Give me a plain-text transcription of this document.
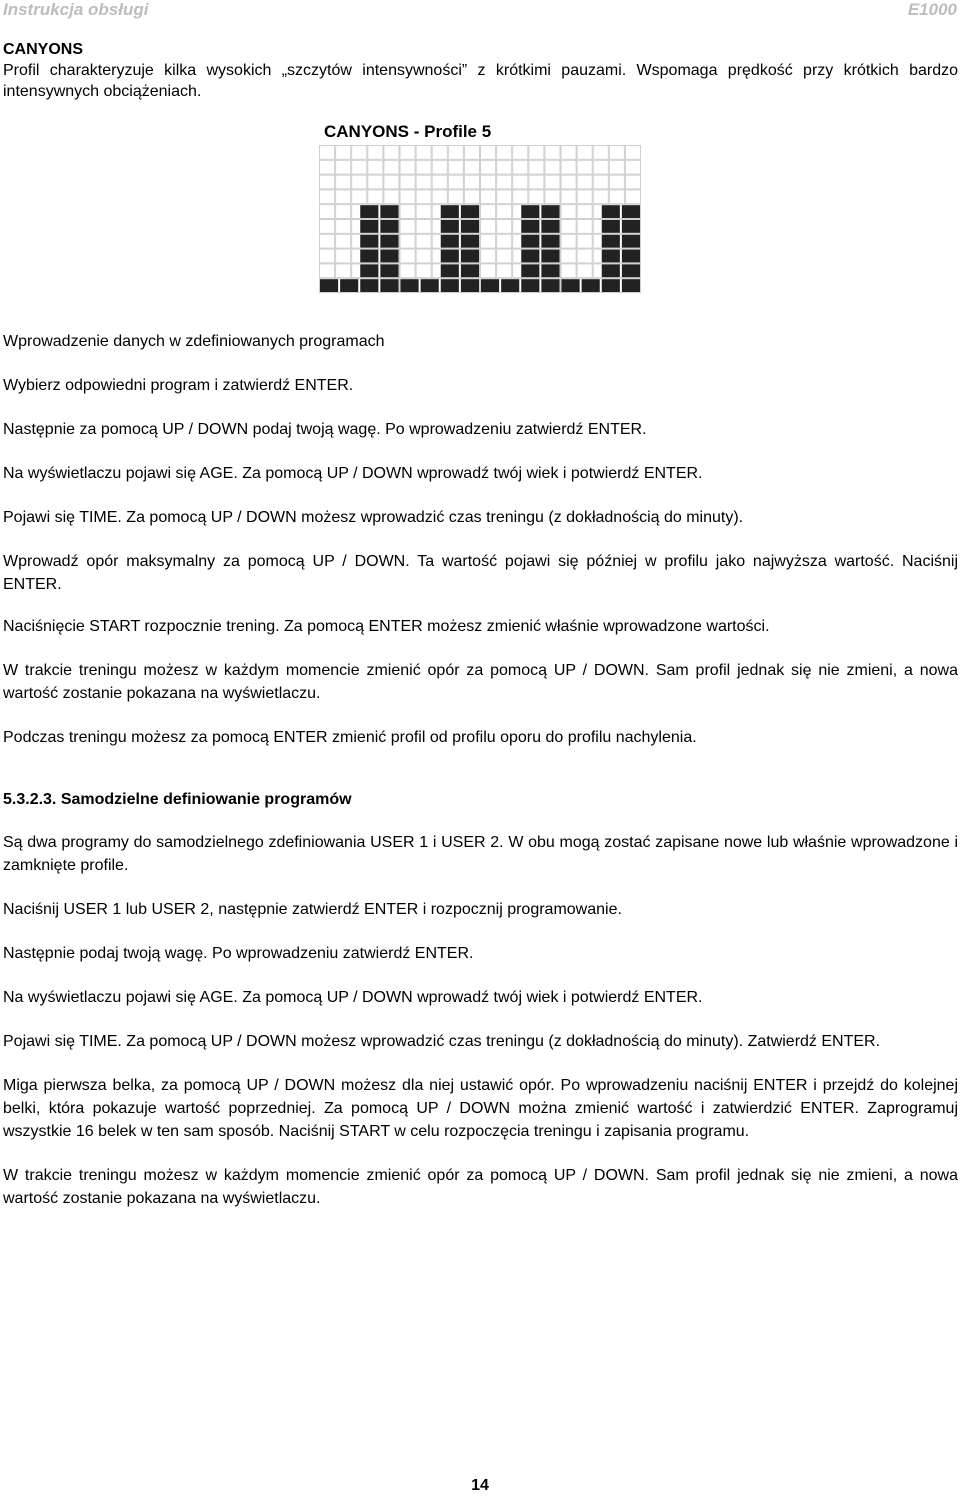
Instrukcja obsługi	E1000
CANYONS

Profil charakteryzuje kilka wysokich „szczytów intensywności” z krótkimi pauzami. Wspomaga prędkość przy krótkich bardzo intensywnych obciążeniach.

CANYONS - Profile 5

Wprowadzenie danych w zdefiniowanych programach

Wybierz odpowiedni program i zatwierdź ENTER.

Następnie za pomocą UP / DOWN podaj twoją wagę. Po wprowadzeniu zatwierdź ENTER.

Na wyświetlaczu pojawi się AGE. Za pomocą UP / DOWN wprowadź twój wiek i potwierdź ENTER.

Pojawi się TIME. Za pomocą UP / DOWN możesz wprowadzić czas treningu (z dokładnością do minuty).

Wprowadź opór maksymalny za pomocą UP / DOWN. Ta wartość pojawi się później w profilu jako najwyższa wartość. Naciśnij ENTER.

Naciśnięcie START rozpocznie trening. Za pomocą ENTER możesz zmienić właśnie wprowadzone wartości.

W trakcie treningu możesz w każdym momencie zmienić opór za pomocą UP / DOWN. Sam profil jednak się nie zmieni, a nowa wartość zostanie pokazana na wyświetlaczu.

Podczas treningu możesz za pomocą ENTER zmienić profil od profilu oporu do profilu nachylenia.

5.3.2.3. Samodzielne definiowanie programów

Są dwa programy do samodzielnego zdefiniowania USER 1 i USER 2. W obu mogą zostać zapisane nowe lub właśnie wprowadzone i zamknięte profile.

Naciśnij USER 1 lub USER 2, następnie zatwierdź ENTER i rozpocznij programowanie.

Następnie podaj twoją wagę. Po wprowadzeniu zatwierdź ENTER.

Na wyświetlaczu pojawi się AGE. Za pomocą UP / DOWN wprowadź twój wiek i potwierdź ENTER.

Pojawi się TIME. Za pomocą UP / DOWN możesz wprowadzić czas treningu (z dokładnością do minuty). Zatwierdź ENTER.

Miga pierwsza belka, za pomocą UP / DOWN możesz dla niej ustawić opór. Po wprowadzeniu naciśnij ENTER i przejdź do kolejnej belki, która pokazuje wartość poprzedniej. Za pomocą UP / DOWN można zmienić wartość i zatwierdzić ENTER. Zaprogramuj wszystkie 16 belek w ten sam sposób. Naciśnij START w celu rozpoczęcia treningu i zapisania programu.

W trakcie treningu możesz w każdym momencie zmienić opór za pomocą UP / DOWN. Sam profil jednak się nie zmieni, a nowa wartość zostanie pokazana na wyświetlaczu.

14
